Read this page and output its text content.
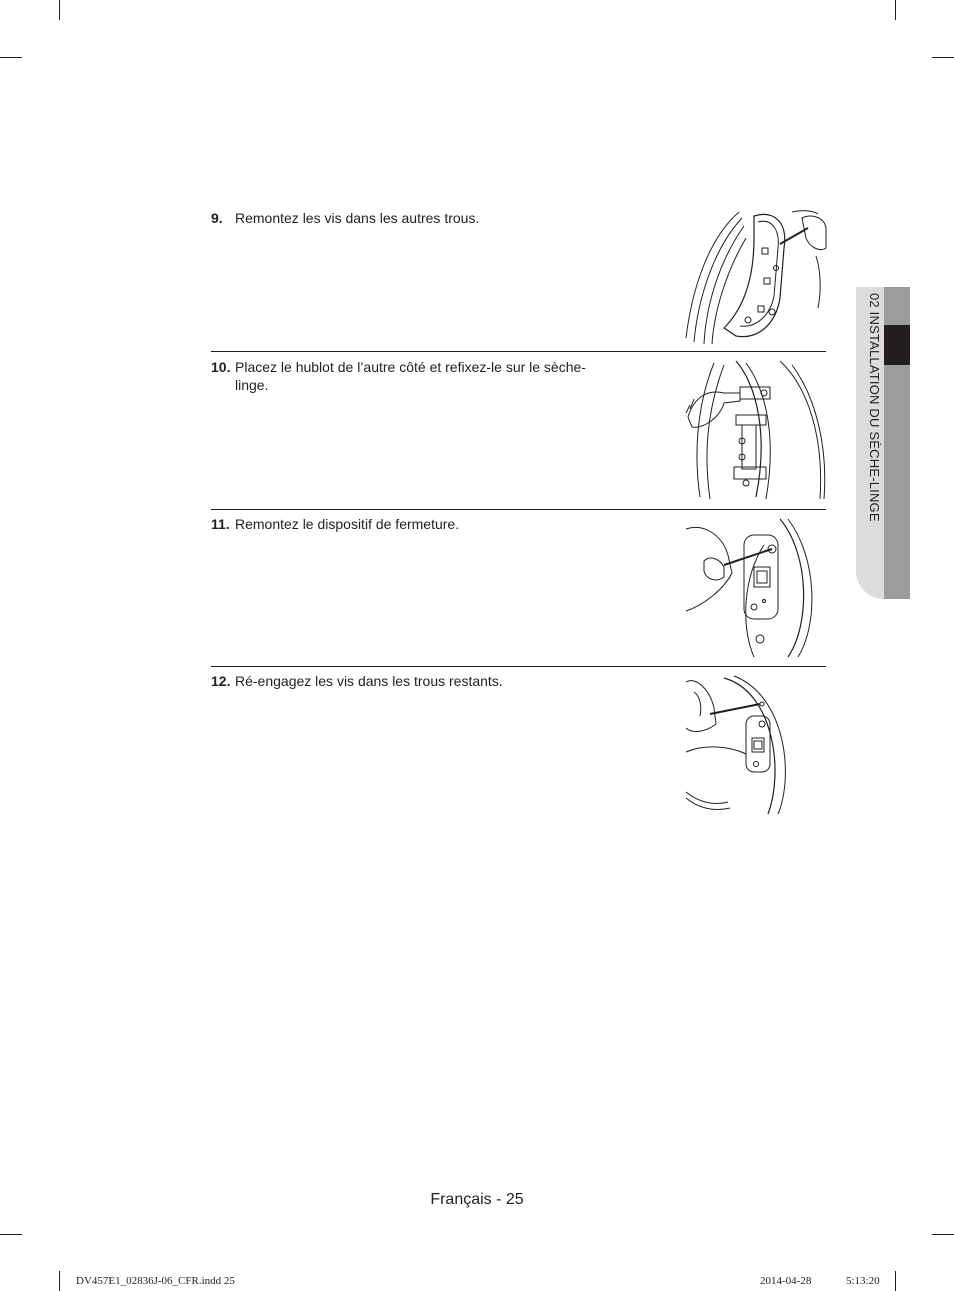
9. Remontez les vis dans les autres trous.
10. Placez le hublot de l’autre côté et refixez-le sur le sèche-linge.
11. Remontez le dispositif de fermeture.
12. Ré-engagez les vis dans les trous restants.
02 INSTALLATION DU SÈCHE-LINGE
Français - 25
DV457E1_02836J-06_CFR.indd 25	2014-04-28	5:13:20
